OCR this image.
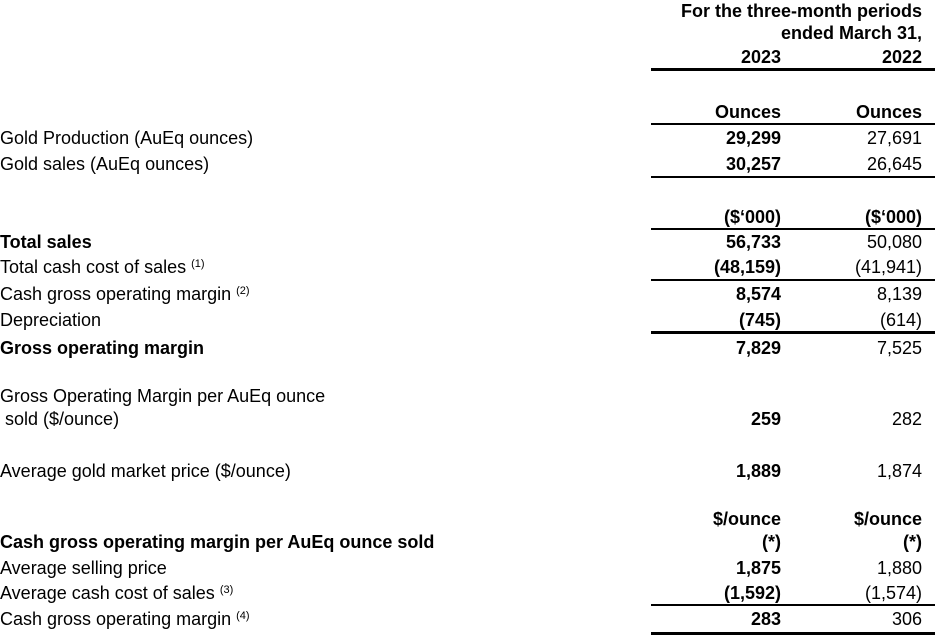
For the three-month periods
ended March 31,
2023	2022
Ounces	Ounces
Gold Production (AuEq ounces)	29,299	27,691
Gold sales (AuEq ounces)	30,257	26,645
($‘000)	($‘000)
Total sales	56,733	50,080
Total cash cost of sales $^{(1)}$	(48,159)	(41,941)
Cash gross operating margin $^{(2)}$	8,574	8,139
Depreciation	(745)	(614)
Gross operating margin	7,829	7,525
Gross Operating Margin per AuEq ounce
sold ($/ounce)	259	282
Average gold market price ($/ounce)	1,889	1,874
$/ounce	$/ounce
(*)	(*)
Cash gross operating margin per AuEq ounce sold
Average selling price	1,875	1,880
Average cash cost of sales $^{(3)}$	(1,592)	(1,574)
Cash gross operating margin $^{(4)}$	283	306
